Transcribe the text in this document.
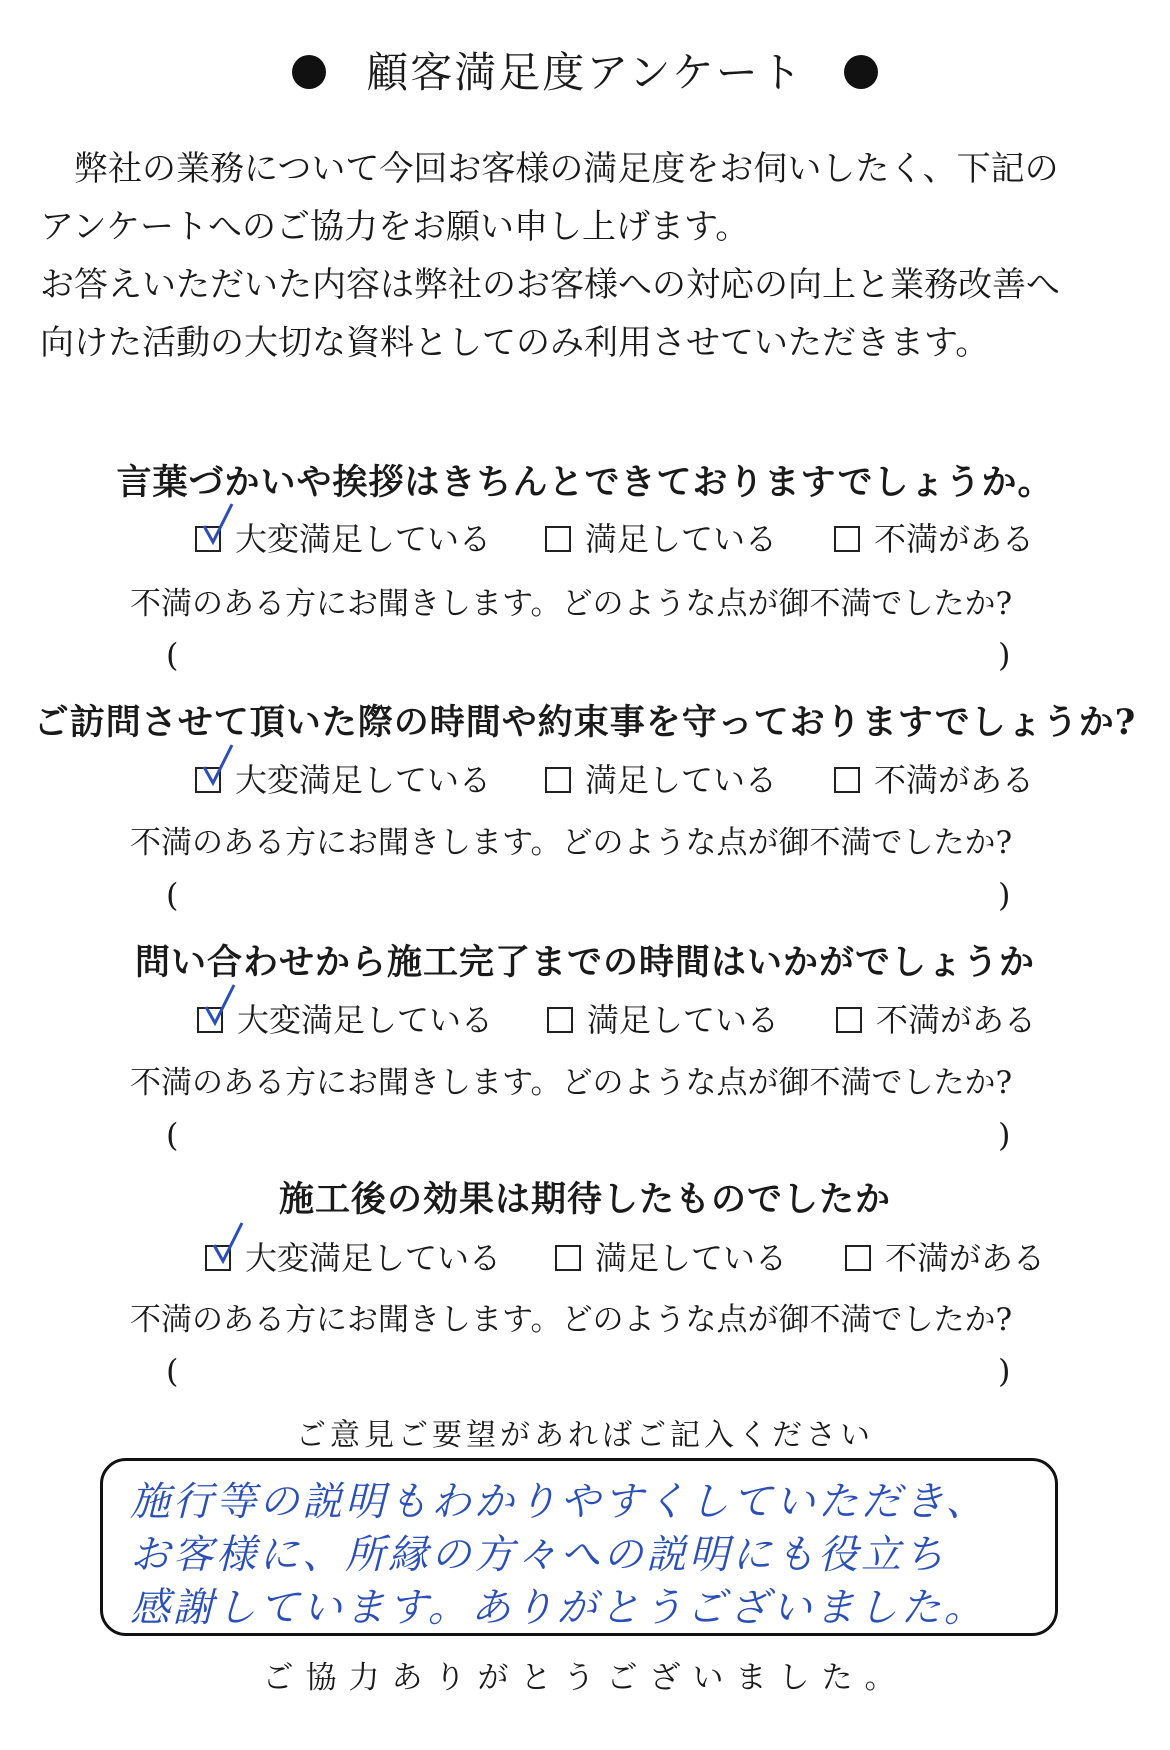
顧客満足度アンケート
弊社の業務について今回お客様の満足度をお伺いしたく、下記の
アンケートへのご協力をお願い申し上げます。
お答えいただいた内容は弊社のお客様への対応の向上と業務改善へ
向けた活動の大切な資料としてのみ利用させていただきます。
言葉づかいや挨拶はきちんとできておりますでしょうか。
大変満足している	満足している	不満がある
不満のある方にお聞きします。どのような点が御不満でしたか?
(	)
ご訪問させて頂いた際の時間や約束事を守っておりますでしょうか?
大変満足している	満足している	不満がある
不満のある方にお聞きします。どのような点が御不満でしたか?
(	)
問い合わせから施工完了までの時間はいかがでしょうか
大変満足している	満足している	不満がある
不満のある方にお聞きします。どのような点が御不満でしたか?
(	)
施工後の効果は期待したものでしたか
大変満足している	満足している	不満がある
不満のある方にお聞きします。どのような点が御不満でしたか?
(	)
ご意見ご要望があればご記入ください
施行等の説明もわかりやすくしていただき、
お客様に、所縁の方々への説明にも役立ち
感謝しています。ありがとうございました。
ご協力ありがとうございました。
